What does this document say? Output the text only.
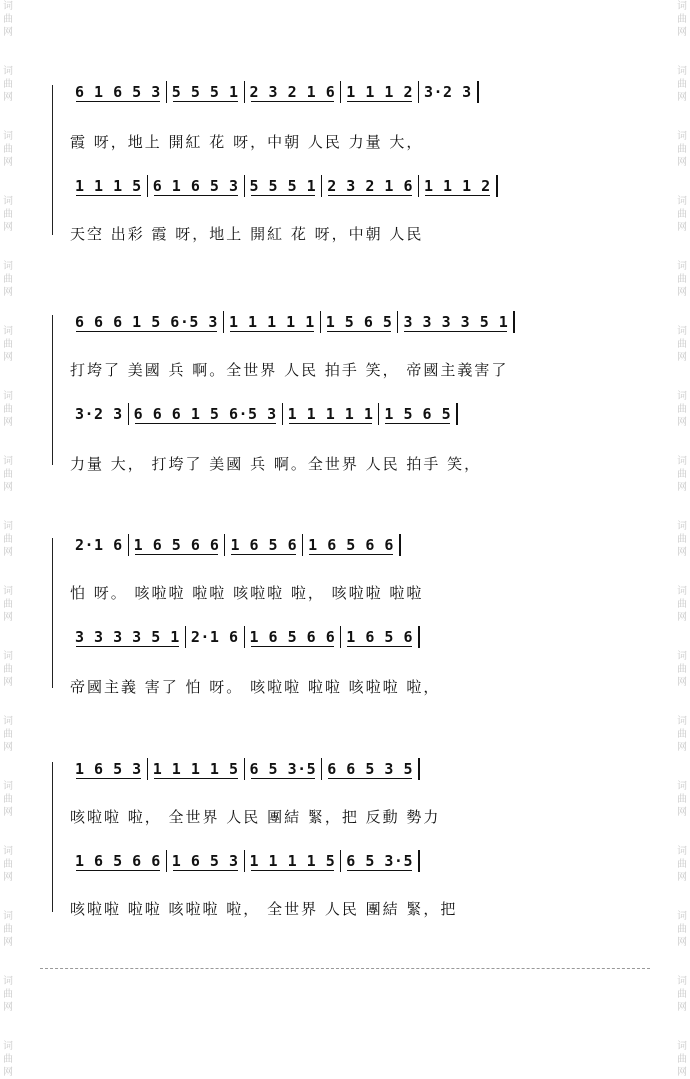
词曲网
词曲网
词曲网
词曲网
词曲网
词曲网
词曲网
词曲网
词曲网
词曲网
词曲网
词曲网
词曲网
词曲网
词曲网
词曲网
词曲网
词曲网
词曲网
词曲网
词曲网
词曲网
词曲网
词曲网
词曲网
词曲网
词曲网
词曲网
词曲网
词曲网
词曲网
词曲网
词曲网
词曲网
6 1 6 5 3 5 5 5 1 2 3 2 1 6 1 1 1 2 3·2 3
霞 呀，地上 開紅 花 呀，中朝 人民 力量 大，
1 1 1 5 6 1 6 5 3 5 5 5 1 2 3 2 1 6 1 1 1 2
天空 出彩 霞 呀，地上 開紅 花 呀，中朝 人民
6 6 6 1 5 6·5 3 1 1 1 1 1 1 5 6 5 3 3 3 3 5 1
打垮了 美國 兵 啊。全世界 人民 拍手 笑， 帝國主義害了
3·2 3 6 6 6 1 5 6·5 3 1 1 1 1 1 1 5 6 5
力量 大， 打垮了 美國 兵 啊。全世界 人民 拍手 笑，
2·1 6 1 6 5 6 6 1 6 5 6 1 6 5 6 6
怕 呀。 咳啦啦 啦啦 咳啦啦 啦， 咳啦啦 啦啦
3 3 3 3 5 1 2·1 6 1 6 5 6 6 1 6 5 6
帝國主義 害了 怕 呀。 咳啦啦 啦啦 咳啦啦 啦，
1 6 5 3 1 1 1 1 5 6 5 3·5 6 6 5 3 5
咳啦啦 啦， 全世界 人民 團結 緊，把 反動 勢力
1 6 5 6 6 1 6 5 3 1 1 1 1 5 6 5 3·5
咳啦啦 啦啦 咳啦啦 啦， 全世界 人民 團結 緊，把
